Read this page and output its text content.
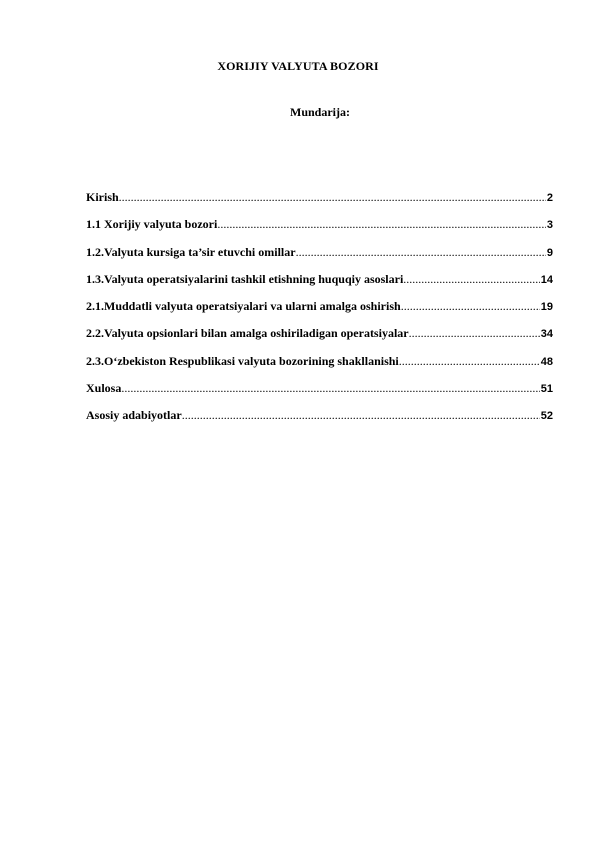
XORIJIY VALYUTA BOZORI
Mundarija:
Kirish .....	2
1.1 Xorijiy valyuta bozori .....	3
1.2.Valyuta kursiga ta’sir etuvchi omillar .....	9
1.3.Valyuta operatsiyalarini tashkil etishning huquqiy asoslari .....	14
2.1.Muddatli valyuta operatsiyalari va ularni amalga oshirish .....	19
2.2.Valyuta opsionlari bilan amalga oshiriladigan operatsiyalar .....	34
2.3.O‘zbekiston Respublikasi valyuta bozorining shakllanishi .....	48
Xulosa .....	51
Asosiy adabiyotlar .....	52
